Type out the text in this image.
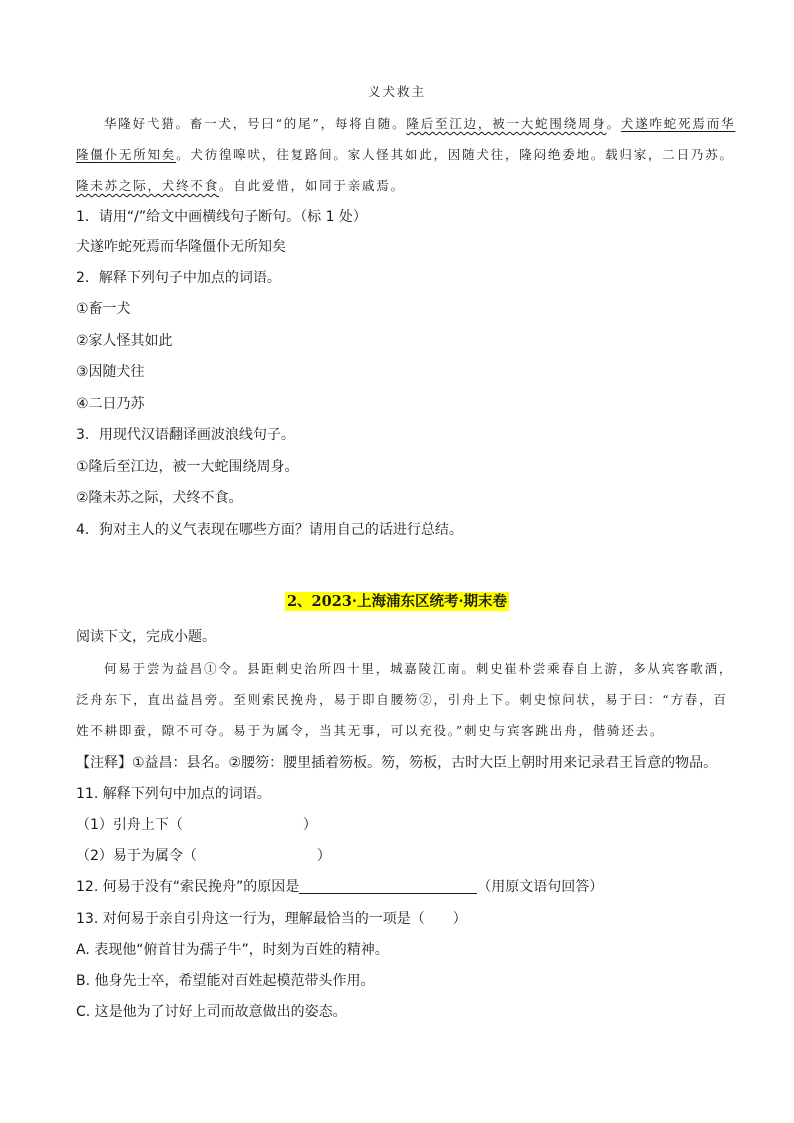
义犬救主
华隆好弋猎。畜一犬，号曰“的尾”，每将自随。隆后至江边，被一大蛇围绕周身。犬遂咋蛇死焉而华
隆僵仆无所知矣。犬彷徨嗥吠，往复路间。家人怪其如此，因随犬往，隆闷绝委地。载归家，二日乃苏。
隆未苏之际，犬终不食。自此爱惜，如同于亲戚焉。
1．请用“/”给文中画横线句子断句。（标 1 处）
犬遂咋蛇死焉而华隆僵仆无所知矣
2．解释下列句子中加点的词语。
①畜一犬
②家人怪其如此
③因随犬往
④二日乃苏
3．用现代汉语翻译画波浪线句子。
①隆后至江边，被一大蛇围绕周身。
②隆未苏之际，犬终不食。
4．狗对主人的义气表现在哪些方面？请用自己的话进行总结。
2、2023·上海浦东区统考·期末卷
阅读下文，完成小题。
何易于尝为益昌①令。县距刺史治所四十里，城嘉陵江南。刺史崔朴尝乘春自上游，多从宾客歌酒，
泛舟东下，直出益昌旁。至则索民挽舟，易于即自腰笏②，引舟上下。刺史惊问状，易于曰：“方春，百
姓不耕即蚕，隙不可夺。易于为属令，当其无事，可以充役。”刺史与宾客跳出舟，偕骑还去。
【注释】①益昌：县名。②腰笏：腰里插着笏板。笏，笏板，古时大臣上朝时用来记录君王旨意的物品。
11. 解释下列句中加点的词语。
（1）引舟上下（	）
（2）易于为属令（	）
12. 何易于没有“索民挽舟”的原因是	（用原文语句回答）
13. 对何易于亲自引舟这一行为，理解最恰当的一项是（　　）
A. 表现他“俯首甘为孺子牛”，时刻为百姓的精神。
B. 他身先士卒，希望能对百姓起模范带头作用。
C. 这是他为了讨好上司而故意做出的姿态。
